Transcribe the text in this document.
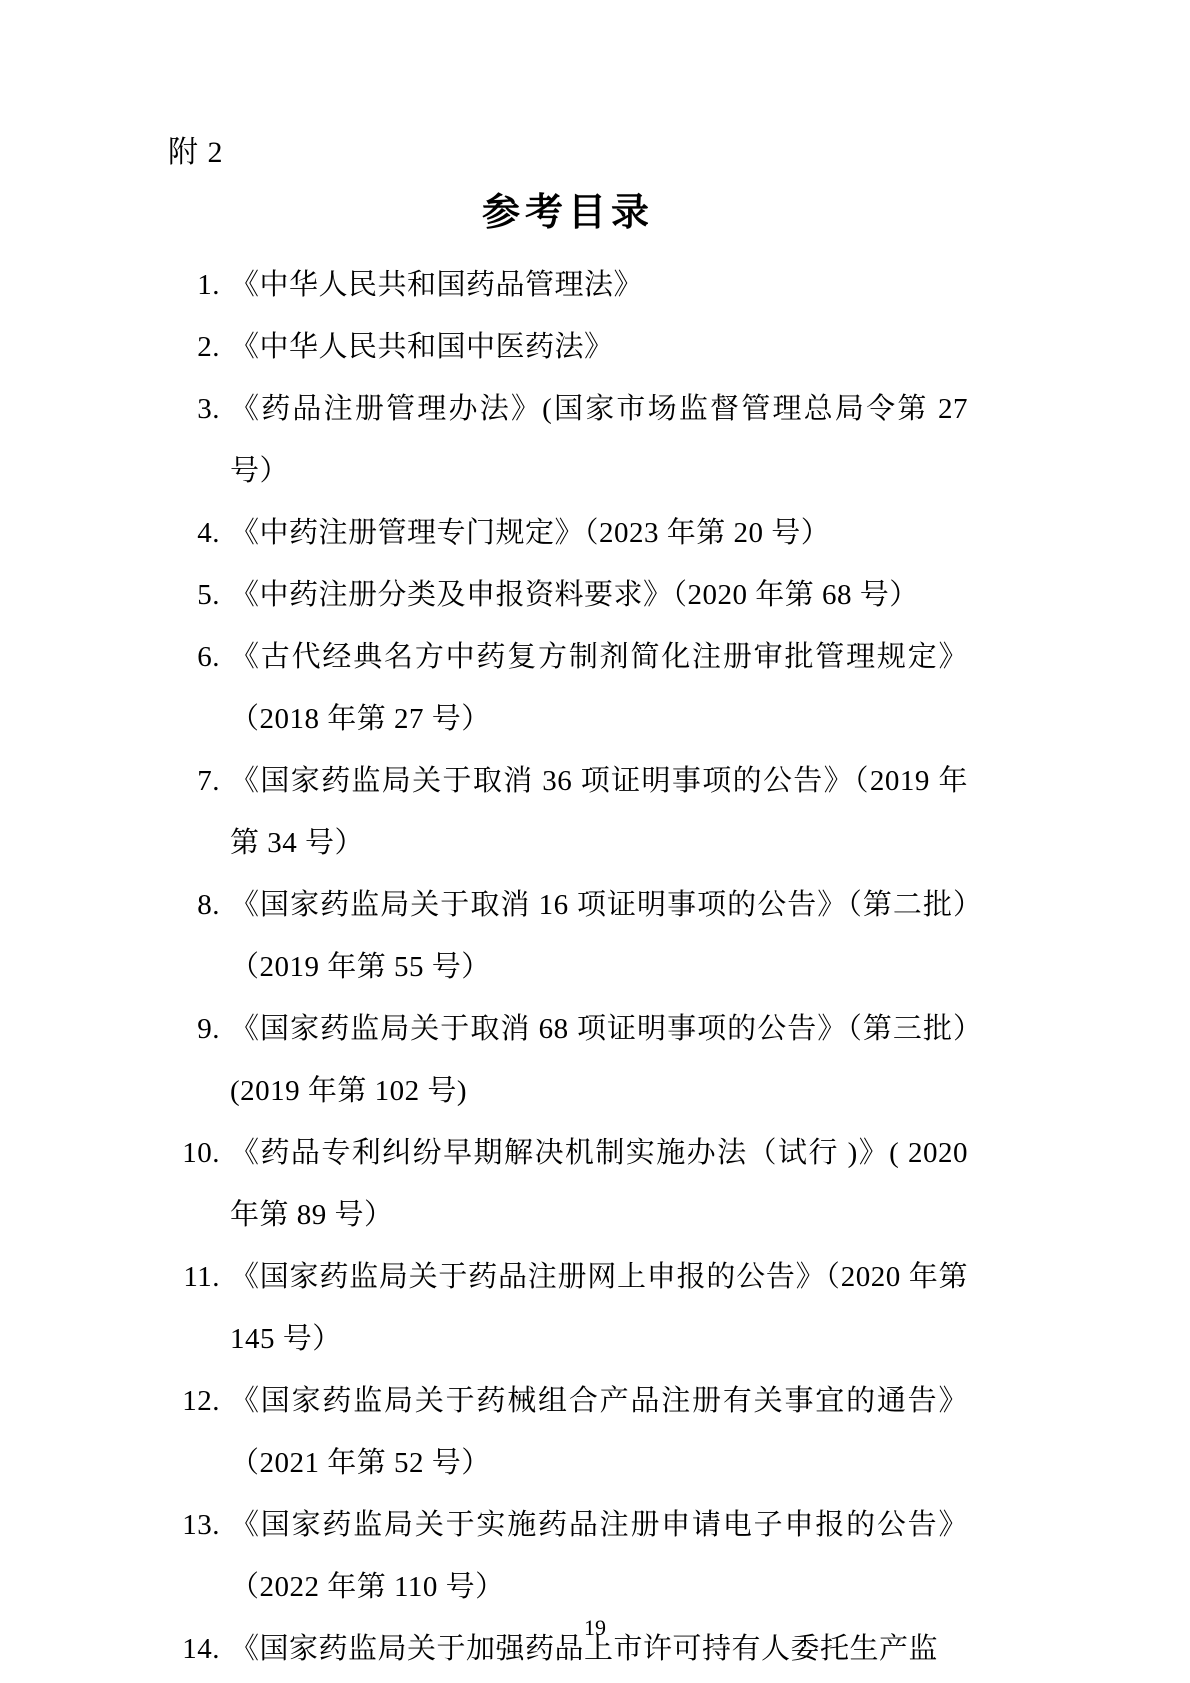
附 2
参考目录
1. 《中华人民共和国药品管理法》
2. 《中华人民共和国中医药法》
3. 《药品注册管理办法》(国家市场监督管理总局令第 27 号）
4. 《中药注册管理专门规定》（2023 年第 20 号）
5. 《中药注册分类及申报资料要求》（2020 年第 68 号）
6. 《古代经典名方中药复方制剂简化注册审批管理规定》（2018 年第 27 号）
7. 《国家药监局关于取消 36 项证明事项的公告》（2019 年第 34 号）
8. 《国家药监局关于取消 16 项证明事项的公告》（第二批）（2019 年第 55 号）
9. 《国家药监局关于取消 68 项证明事项的公告》（第三批）(2019 年第 102 号)
10. 《药品专利纠纷早期解决机制实施办法（试行 )》( 2020 年第 89 号）
11. 《国家药监局关于药品注册网上申报的公告》（2020 年第 145 号）
12. 《国家药监局关于药械组合产品注册有关事宜的通告》（2021 年第 52 号）
13. 《国家药监局关于实施药品注册申请电子申报的公告》（2022 年第 110 号）
14. 《国家药监局关于加强药品上市许可持有人委托生产监
19
